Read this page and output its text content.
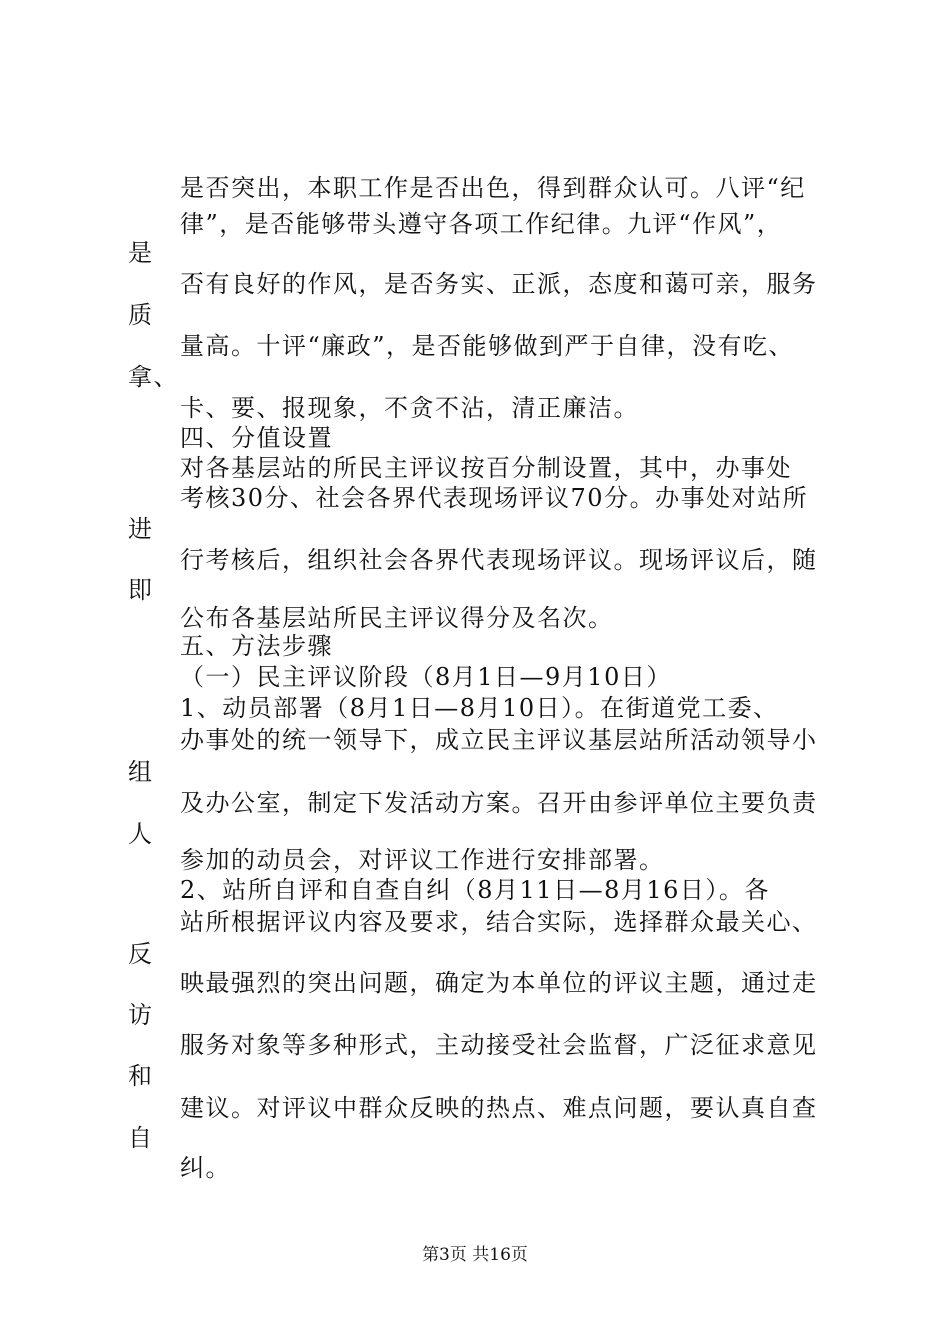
是否突出，本职工作是否出色，得到群众认可。八评“纪
律”，是否能够带头遵守各项工作纪律。九评“作风”，
是
否有良好的作风，是否务实、正派，态度和蔼可亲，服务
质
量高。十评“廉政”，是否能够做到严于自律，没有吃、
拿、
卡、要、报现象，不贪不沾，清正廉洁。
四、分值设置
对各基层站的所民主评议按百分制设置，其中，办事处
考核30分、社会各界代表现场评议70分。办事处对站所
进
行考核后，组织社会各界代表现场评议。现场评议后，随
即
公布各基层站所民主评议得分及名次。
五、方法步骤
（一）民主评议阶段（8月1日—9月10日）
1、动员部署（8月1日—8月10日）。在街道党工委、
办事处的统一领导下，成立民主评议基层站所活动领导小
组
及办公室，制定下发活动方案。召开由参评单位主要负责
人
参加的动员会，对评议工作进行安排部署。
2、站所自评和自查自纠（8月11日—8月16日）。各
站所根据评议内容及要求，结合实际，选择群众最关心、
反
映最强烈的突出问题，确定为本单位的评议主题，通过走
访
服务对象等多种形式，主动接受社会监督，广泛征求意见
和
建议。对评议中群众反映的热点、难点问题，要认真自查
自
纠。
第3页 共16页
